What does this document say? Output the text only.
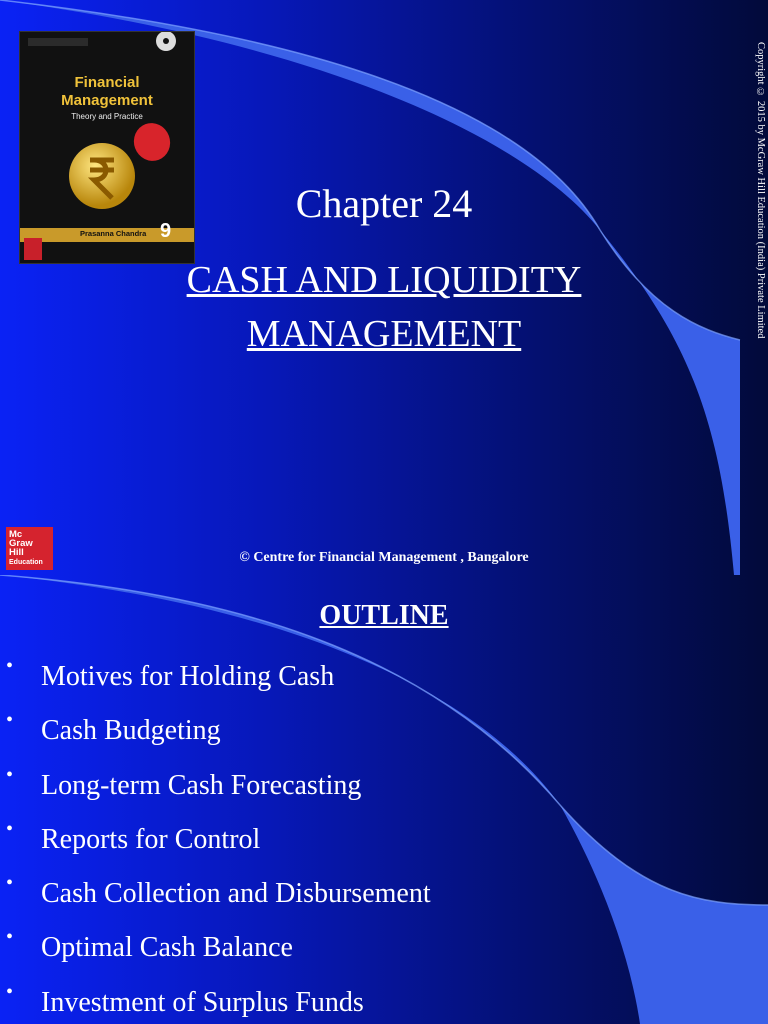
Financial
Management
Theory and Practice
Prasanna Chandra 9
Chapter 24
CASH AND LIQUIDITY
MANAGEMENT	Copyright © 2015 by McGraw Hill Education (India) Private Limited
Mc
Graw
Hill
Education	© Centre for Financial Management , Bangalore
OUTLINE
• Motives for Holding Cash
• Cash Budgeting
• Long-term Cash Forecasting
• Reports for Control
• Cash Collection and Disbursement
• Optimal Cash Balance
• Investment of Surplus Funds
